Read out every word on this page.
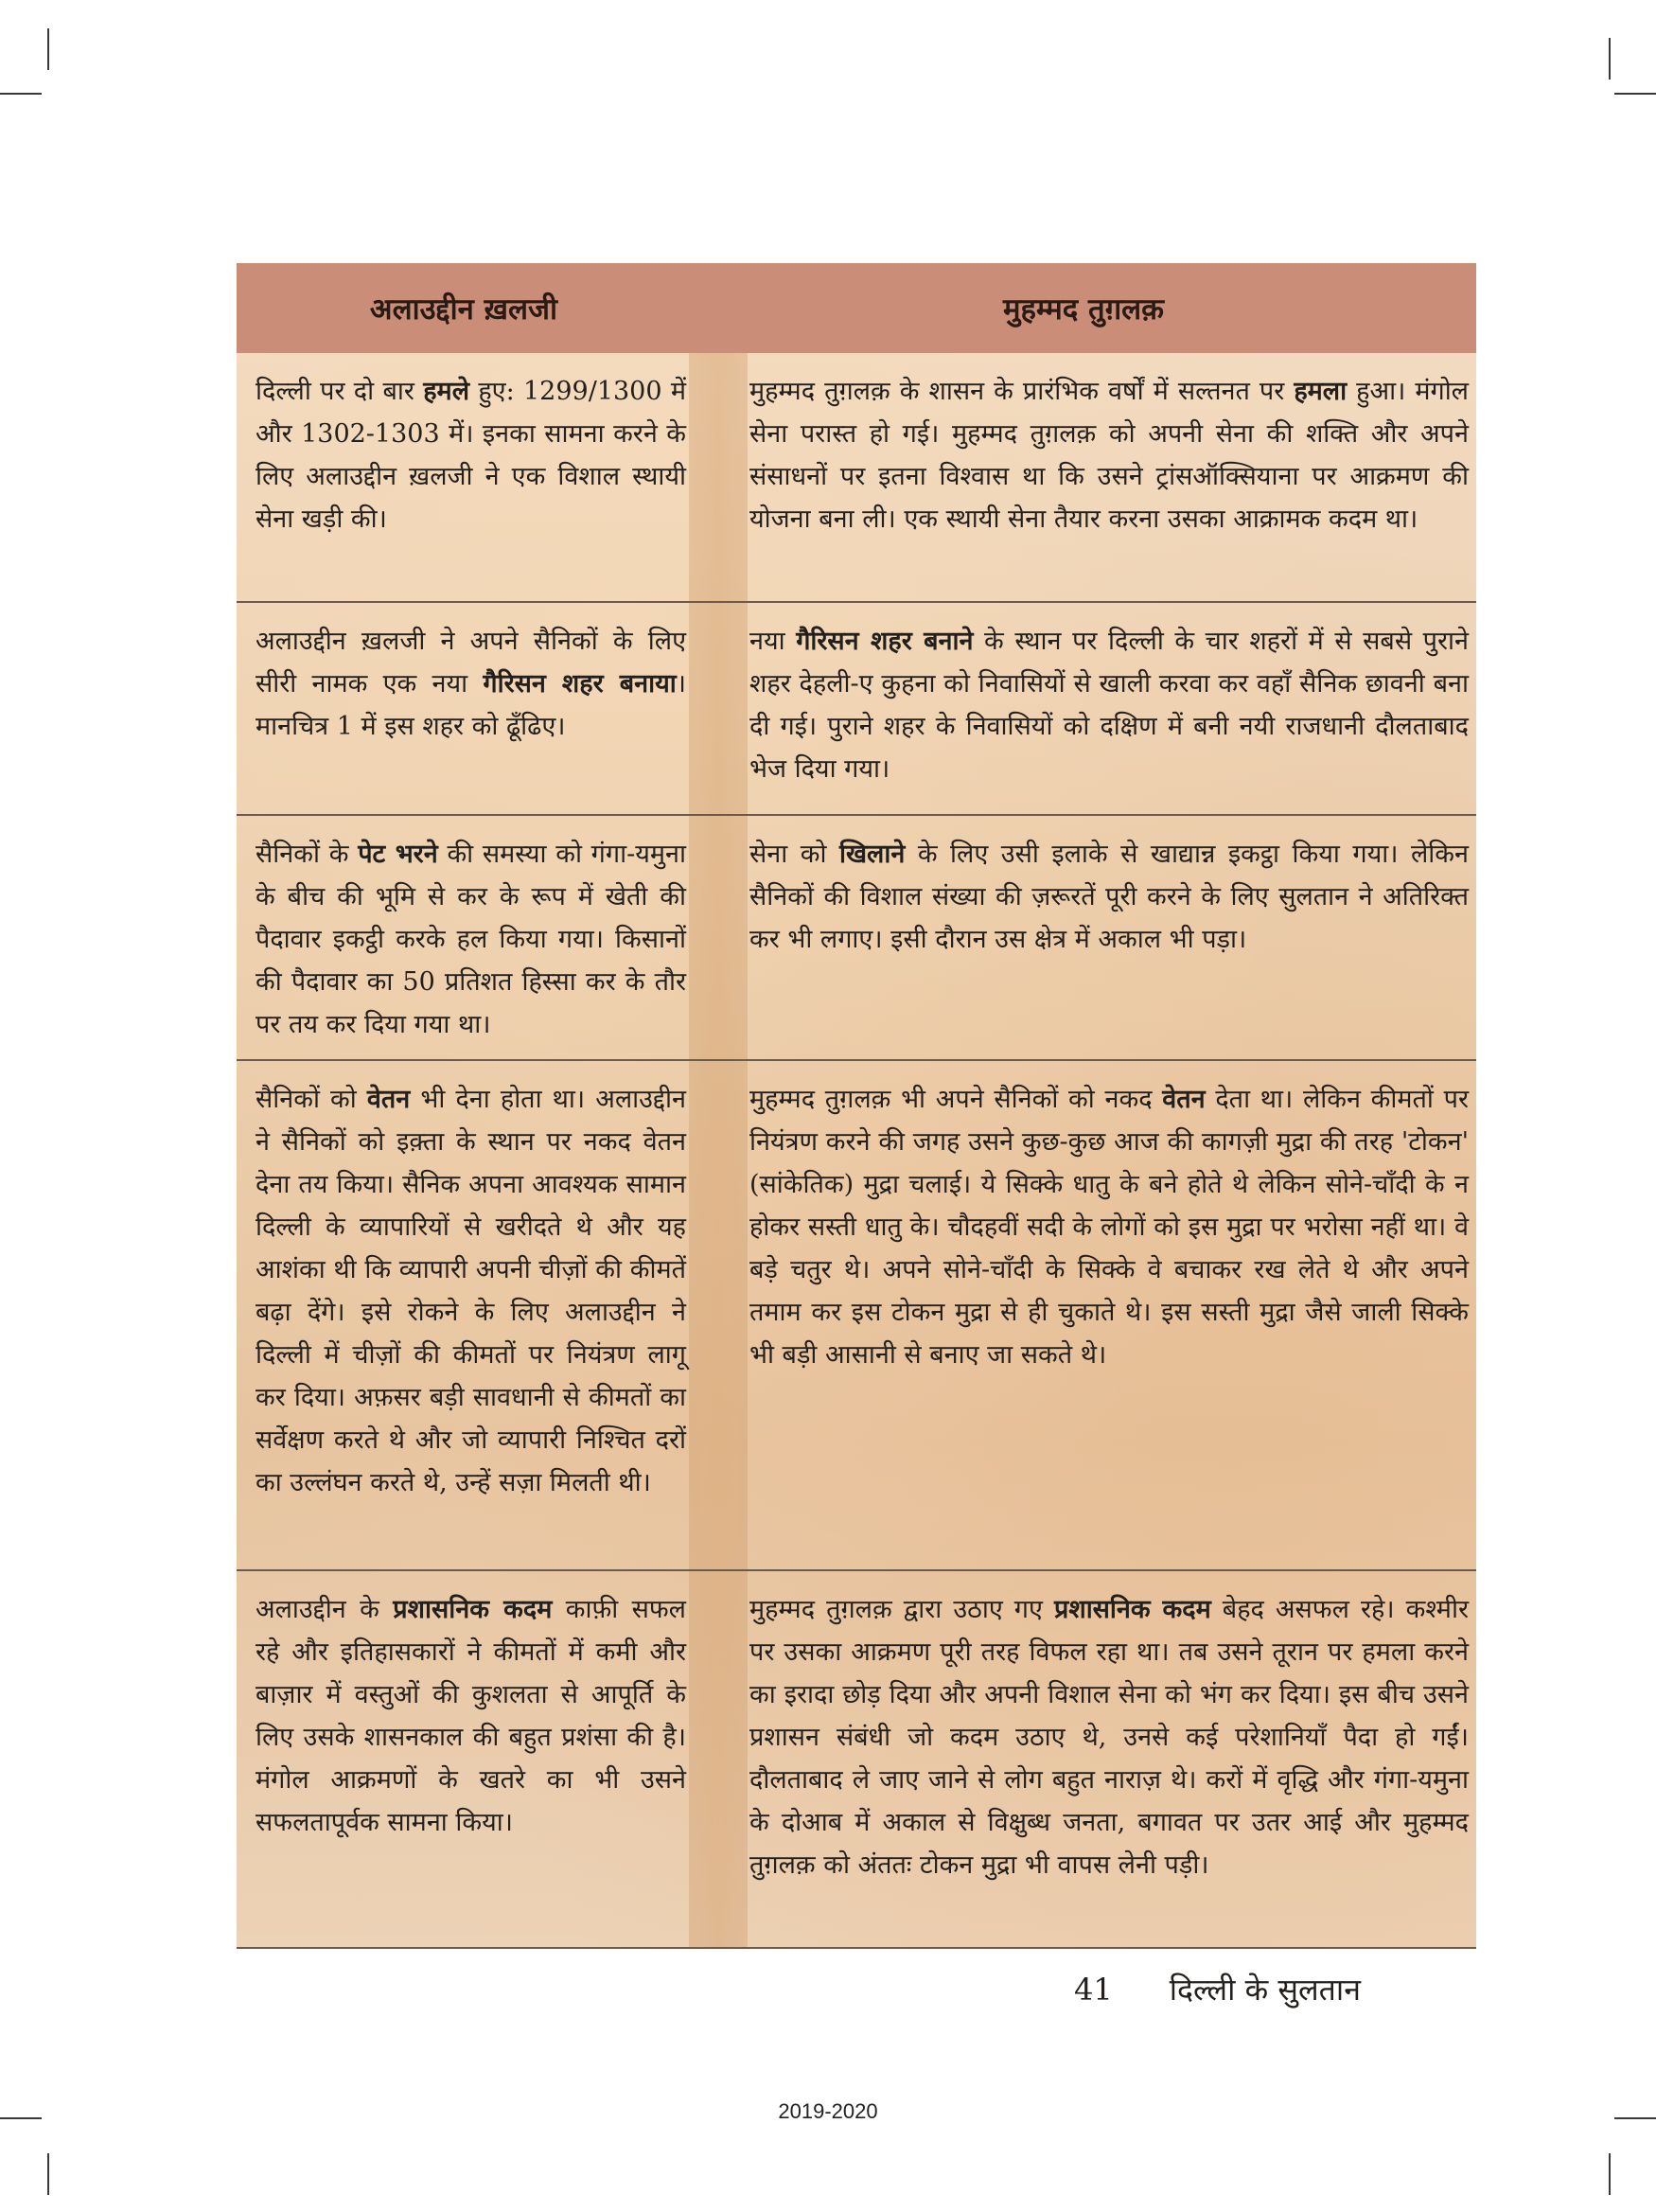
अलाउद्दीन ख़लजी	मुहम्मद तुग़लक़
दिल्ली पर दो बार हमले हुए: 1299/1300 में और 1302-1303 में। इनका सामना करने के लिए अलाउद्दीन ख़लजी ने एक विशाल स्थायी सेना खड़ी की।
मुहम्मद तुग़लक़ के शासन के प्रारंभिक वर्षों में सल्तनत पर हमला हुआ। मंगोल सेना परास्त हो गई। मुहम्मद तुग़लक़ को अपनी सेना की शक्ति और अपने संसाधनों पर इतना विश्वास था कि उसने ट्रांसऑक्सियाना पर आक्रमण की योजना बना ली। एक स्थायी सेना तैयार करना उसका आक्रामक कदम था।
अलाउद्दीन ख़लजी ने अपने सैनिकों के लिए सीरी नामक एक नया गैरिसन शहर बनाया। मानचित्र 1 में इस शहर को ढूँढिए।
नया गैरिसन शहर बनाने के स्थान पर दिल्ली के चार शहरों में से सबसे पुराने शहर देहली-ए कुहना को निवासियों से खाली करवा कर वहाँ सैनिक छावनी बना दी गई। पुराने शहर के निवासियों को दक्षिण में बनी नयी राजधानी दौलताबाद भेज दिया गया।
सैनिकों के पेट भरने की समस्या को गंगा-यमुना के बीच की भूमि से कर के रूप में खेती की पैदावार इकट्ठी करके हल किया गया। किसानों की पैदावार का 50 प्रतिशत हिस्सा कर के तौर पर तय कर दिया गया था।
सेना को खिलाने के लिए उसी इलाके से खाद्यान्न इकट्ठा किया गया। लेकिन सैनिकों की विशाल संख्या की ज़रूरतें पूरी करने के लिए सुलतान ने अतिरिक्त कर भी लगाए। इसी दौरान उस क्षेत्र में अकाल भी पड़ा।
सैनिकों को वेतन भी देना होता था। अलाउद्दीन ने सैनिकों को इक़्ता के स्थान पर नकद वेतन देना तय किया। सैनिक अपना आवश्यक सामान दिल्ली के व्यापारियों से खरीदते थे और यह आशंका थी कि व्यापारी अपनी चीज़ों की कीमतें बढ़ा देंगे। इसे रोकने के लिए अलाउद्दीन ने दिल्ली में चीज़ों की कीमतों पर नियंत्रण लागू कर दिया। अफ़सर बड़ी सावधानी से कीमतों का सर्वेक्षण करते थे और जो व्यापारी निश्चित दरों का उल्लंघन करते थे, उन्हें सज़ा मिलती थी।
मुहम्मद तुग़लक़ भी अपने सैनिकों को नकद वेतन देता था। लेकिन कीमतों पर नियंत्रण करने की जगह उसने कुछ-कुछ आज की कागज़ी मुद्रा की तरह 'टोकन' (सांकेतिक) मुद्रा चलाई। ये सिक्के धातु के बने होते थे लेकिन सोने-चाँदी के न होकर सस्ती धातु के। चौदहवीं सदी के लोगों को इस मुद्रा पर भरोसा नहीं था। वे बड़े चतुर थे। अपने सोने-चाँदी के सिक्के वे बचाकर रख लेते थे और अपने तमाम कर इस टोकन मुद्रा से ही चुकाते थे। इस सस्ती मुद्रा जैसे जाली सिक्के भी बड़ी आसानी से बनाए जा सकते थे।
अलाउद्दीन के प्रशासनिक कदम काफ़ी सफल रहे और इतिहासकारों ने कीमतों में कमी और बाज़ार में वस्तुओं की कुशलता से आपूर्ति के लिए उसके शासनकाल की बहुत प्रशंसा की है। मंगोल आक्रमणों के खतरे का भी उसने सफलतापूर्वक सामना किया।
मुहम्मद तुग़लक़ द्वारा उठाए गए प्रशासनिक कदम बेहद असफल रहे। कश्मीर पर उसका आक्रमण पूरी तरह विफल रहा था। तब उसने तूरान पर हमला करने का इरादा छोड़ दिया और अपनी विशाल सेना को भंग कर दिया। इस बीच उसने प्रशासन संबंधी जो कदम उठाए थे, उनसे कई परेशानियाँ पैदा हो गईं। दौलताबाद ले जाए जाने से लोग बहुत नाराज़ थे। करों में वृद्धि और गंगा-यमुना के दोआब में अकाल से विक्षुब्ध जनता, बगावत पर उतर आई और मुहम्मद तुग़लक़ को अंततः टोकन मुद्रा भी वापस लेनी पड़ी।
41 दिल्ली के सुलतान
2019-2020
